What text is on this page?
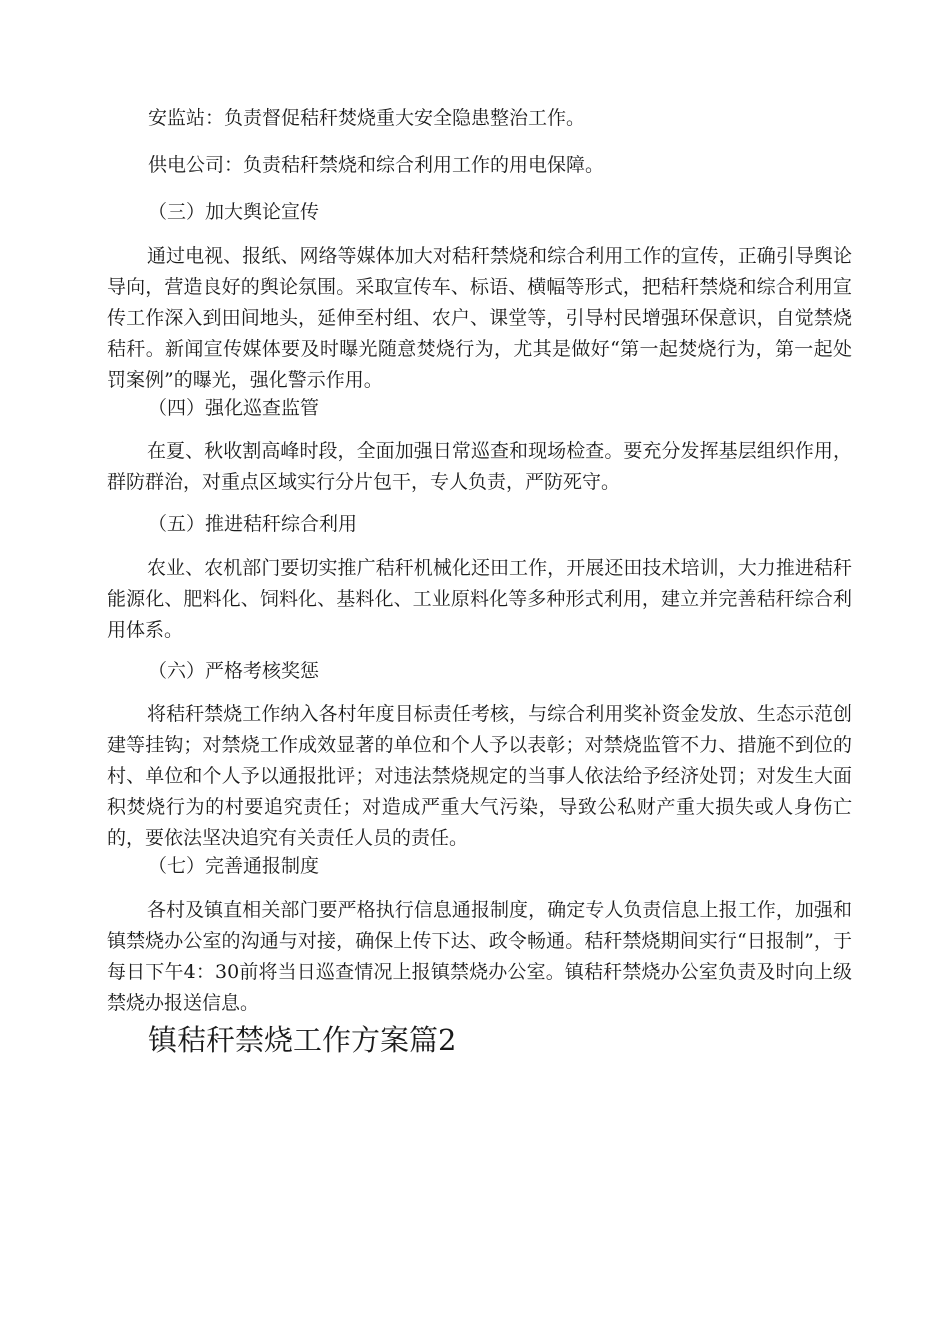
安监站：负责督促秸秆焚烧重大安全隐患整治工作。
供电公司：负责秸秆禁烧和综合利用工作的用电保障。
（三）加大舆论宣传
通过电视、报纸、网络等媒体加大对秸秆禁烧和综合利用工作的宣传，正确引导舆论导向，营造良好的舆论氛围。采取宣传车、标语、横幅等形式，把秸秆禁烧和综合利用宣传工作深入到田间地头，延伸至村组、农户、课堂等，引导村民增强环保意识，自觉禁烧秸秆。新闻宣传媒体要及时曝光随意焚烧行为，尤其是做好“第一起焚烧行为，第一起处罚案例”的曝光，强化警示作用。
（四）强化巡查监管
在夏、秋收割高峰时段，全面加强日常巡查和现场检查。要充分发挥基层组织作用，群防群治，对重点区域实行分片包干，专人负责，严防死守。
（五）推进秸秆综合利用
农业、农机部门要切实推广秸秆机械化还田工作，开展还田技术培训，大力推进秸秆能源化、肥料化、饲料化、基料化、工业原料化等多种形式利用，建立并完善秸秆综合利用体系。
（六）严格考核奖惩
将秸秆禁烧工作纳入各村年度目标责任考核，与综合利用奖补资金发放、生态示范创建等挂钩；对禁烧工作成效显著的单位和个人予以表彰；对禁烧监管不力、措施不到位的村、单位和个人予以通报批评；对违法禁烧规定的当事人依法给予经济处罚；对发生大面积焚烧行为的村要追究责任；对造成严重大气污染，导致公私财产重大损失或人身伤亡的，要依法坚决追究有关责任人员的责任。
（七）完善通报制度
各村及镇直相关部门要严格执行信息通报制度，确定专人负责信息上报工作，加强和镇禁烧办公室的沟通与对接，确保上传下达、政令畅通。秸秆禁烧期间实行“日报制”，于每日下午4：30前将当日巡查情况上报镇禁烧办公室。镇秸秆禁烧办公室负责及时向上级禁烧办报送信息。
镇秸秆禁烧工作方案篇2
